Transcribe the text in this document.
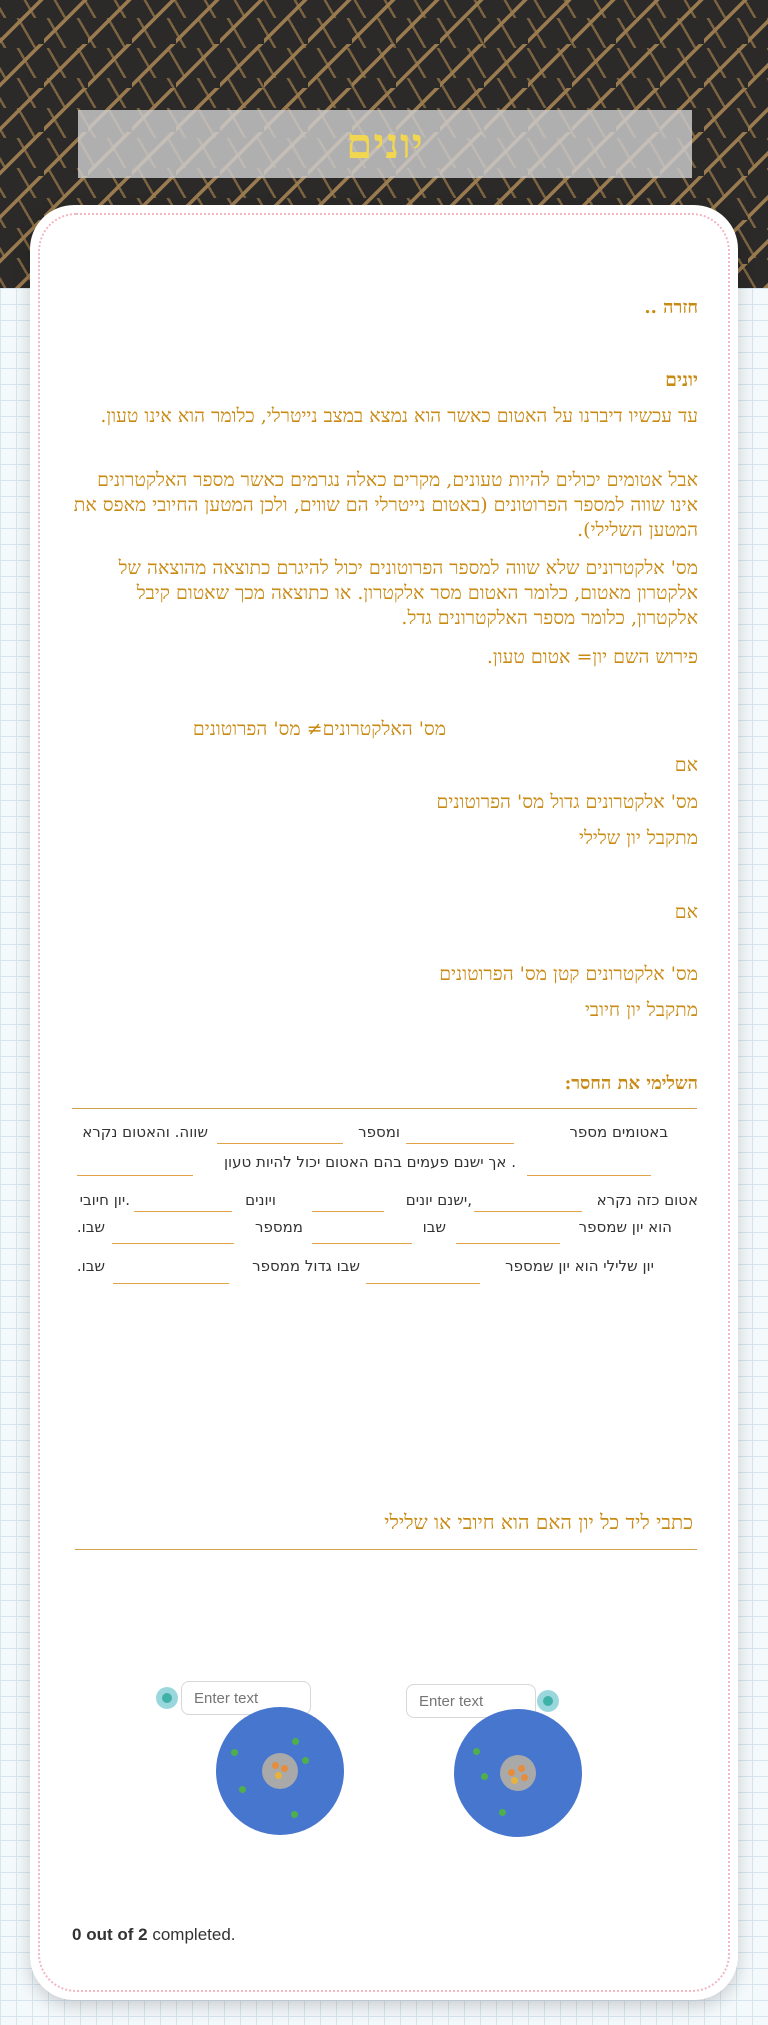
יונים
חזרה ..
יונים
עד עכשיו דיברנו על האטום כאשר הוא נמצא במצב נייטרלי, כלומר הוא אינו טעון.
אבל אטומים יכולים להיות טעונים, מקרים כאלה נגרמים כאשר מספר האלקטרונים אינו שווה למספר הפרוטונים (באטום נייטרלי הם שווים, ולכן המטען החיובי מאפס את המטען השלילי).
מס' אלקטרונים שלא שווה למספר הפרוטונים יכול להיגרם כתוצאה מהוצאה של אלקטרון מאטום, כלומר האטום מסר אלקטרון. או כתוצאה מכך שאטום קיבל אלקטרון, כלומר מספר האלקטרונים גדל.
פירוש השם יון= אטום טעון.
מס' האלקטרונים≠ מס' הפרוטונים
אם
מס' אלקטרונים גדול מס' הפרוטונים
מתקבל יון שלילי
אם
מס' אלקטרונים קטן מס' הפרוטונים
מתקבל יון חיובי
השלימי את החסר:
באטומים מספר
ומספר
שווה. והאטום נקרא
. אך ישנם פעמים בהם האטום יכול להיות טעון
אטום כזה נקרא
,ישנם יונים
ויונים
.יון חיובי
הוא יון שמספר
שבו
ממספר
שבו.
יון שלילי הוא יון שמספר
שבו גדול ממספר
שבו.
כתבי ליד כל יון האם הוא חיובי או שלילי
Enter text
Enter text
0 out of 2 completed.
